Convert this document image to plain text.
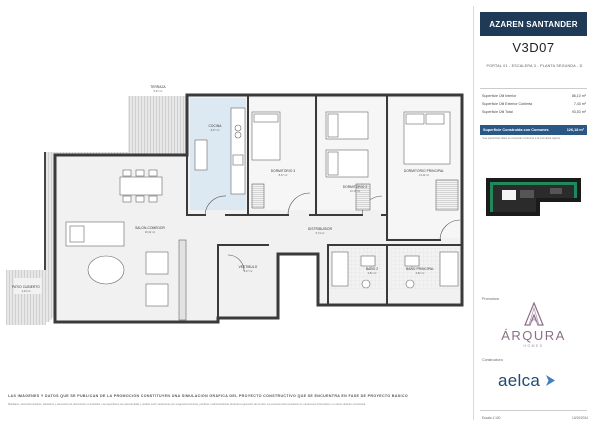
COCINA
8,07 m²
TERRAZA
5,37 m²
DORMITORIO 3
8,47 m²
DORMITORIO 2
10,13 m²
DORMITORIO PRINCIPAL
13,42 m²
SALON-COMEDOR
26,42 m²
DISTRIBUIDOR
5,74 m²
VESTIBULO
3,47 m²
BAÑO 2
3,81 m²
BAÑO PRINCIPAL
3,82 m²
PATIO CUBIERTO
4,23 m²
LAS IMÁGENES Y DATOS QUE SE PUBLICAN DE LA PROMOCIÓN CONSTITUYEN UNA SIMULACIÓN GRÁFICA DEL PROYECTO CONSTRUCTIVO QUE SE ENCUENTRA EN FASE DE PROYECTO BÁSICO
Mobiliario, electrodomésticos, sanitarios y elementos de decoración no incluidos. Las superficies son aproximadas y podrán sufrir variaciones por exigencias técnicas, jurídicas o administrativas durante la ejecución de la obra. La presente documentación es meramente informativa y no tiene carácter contractual.
AZAREN SANTANDER
V3D07
PORTAL 01 - ESCALERA 3 - PLANTA SEGUNDA - D
Superficie Útil Interior	86,10 m²
Superficie Útil Exterior Cubierta	7,43 m²
Superficie Útil Total	93,53 m²
Superficie Construida con Comunes	126,18 m²
*Las superficies útiles se computan conforme a la normativa vigente
Promotora
ÁRQURA
HOMES
Constructora
aelca
Escala 1:100	10/10/2024
